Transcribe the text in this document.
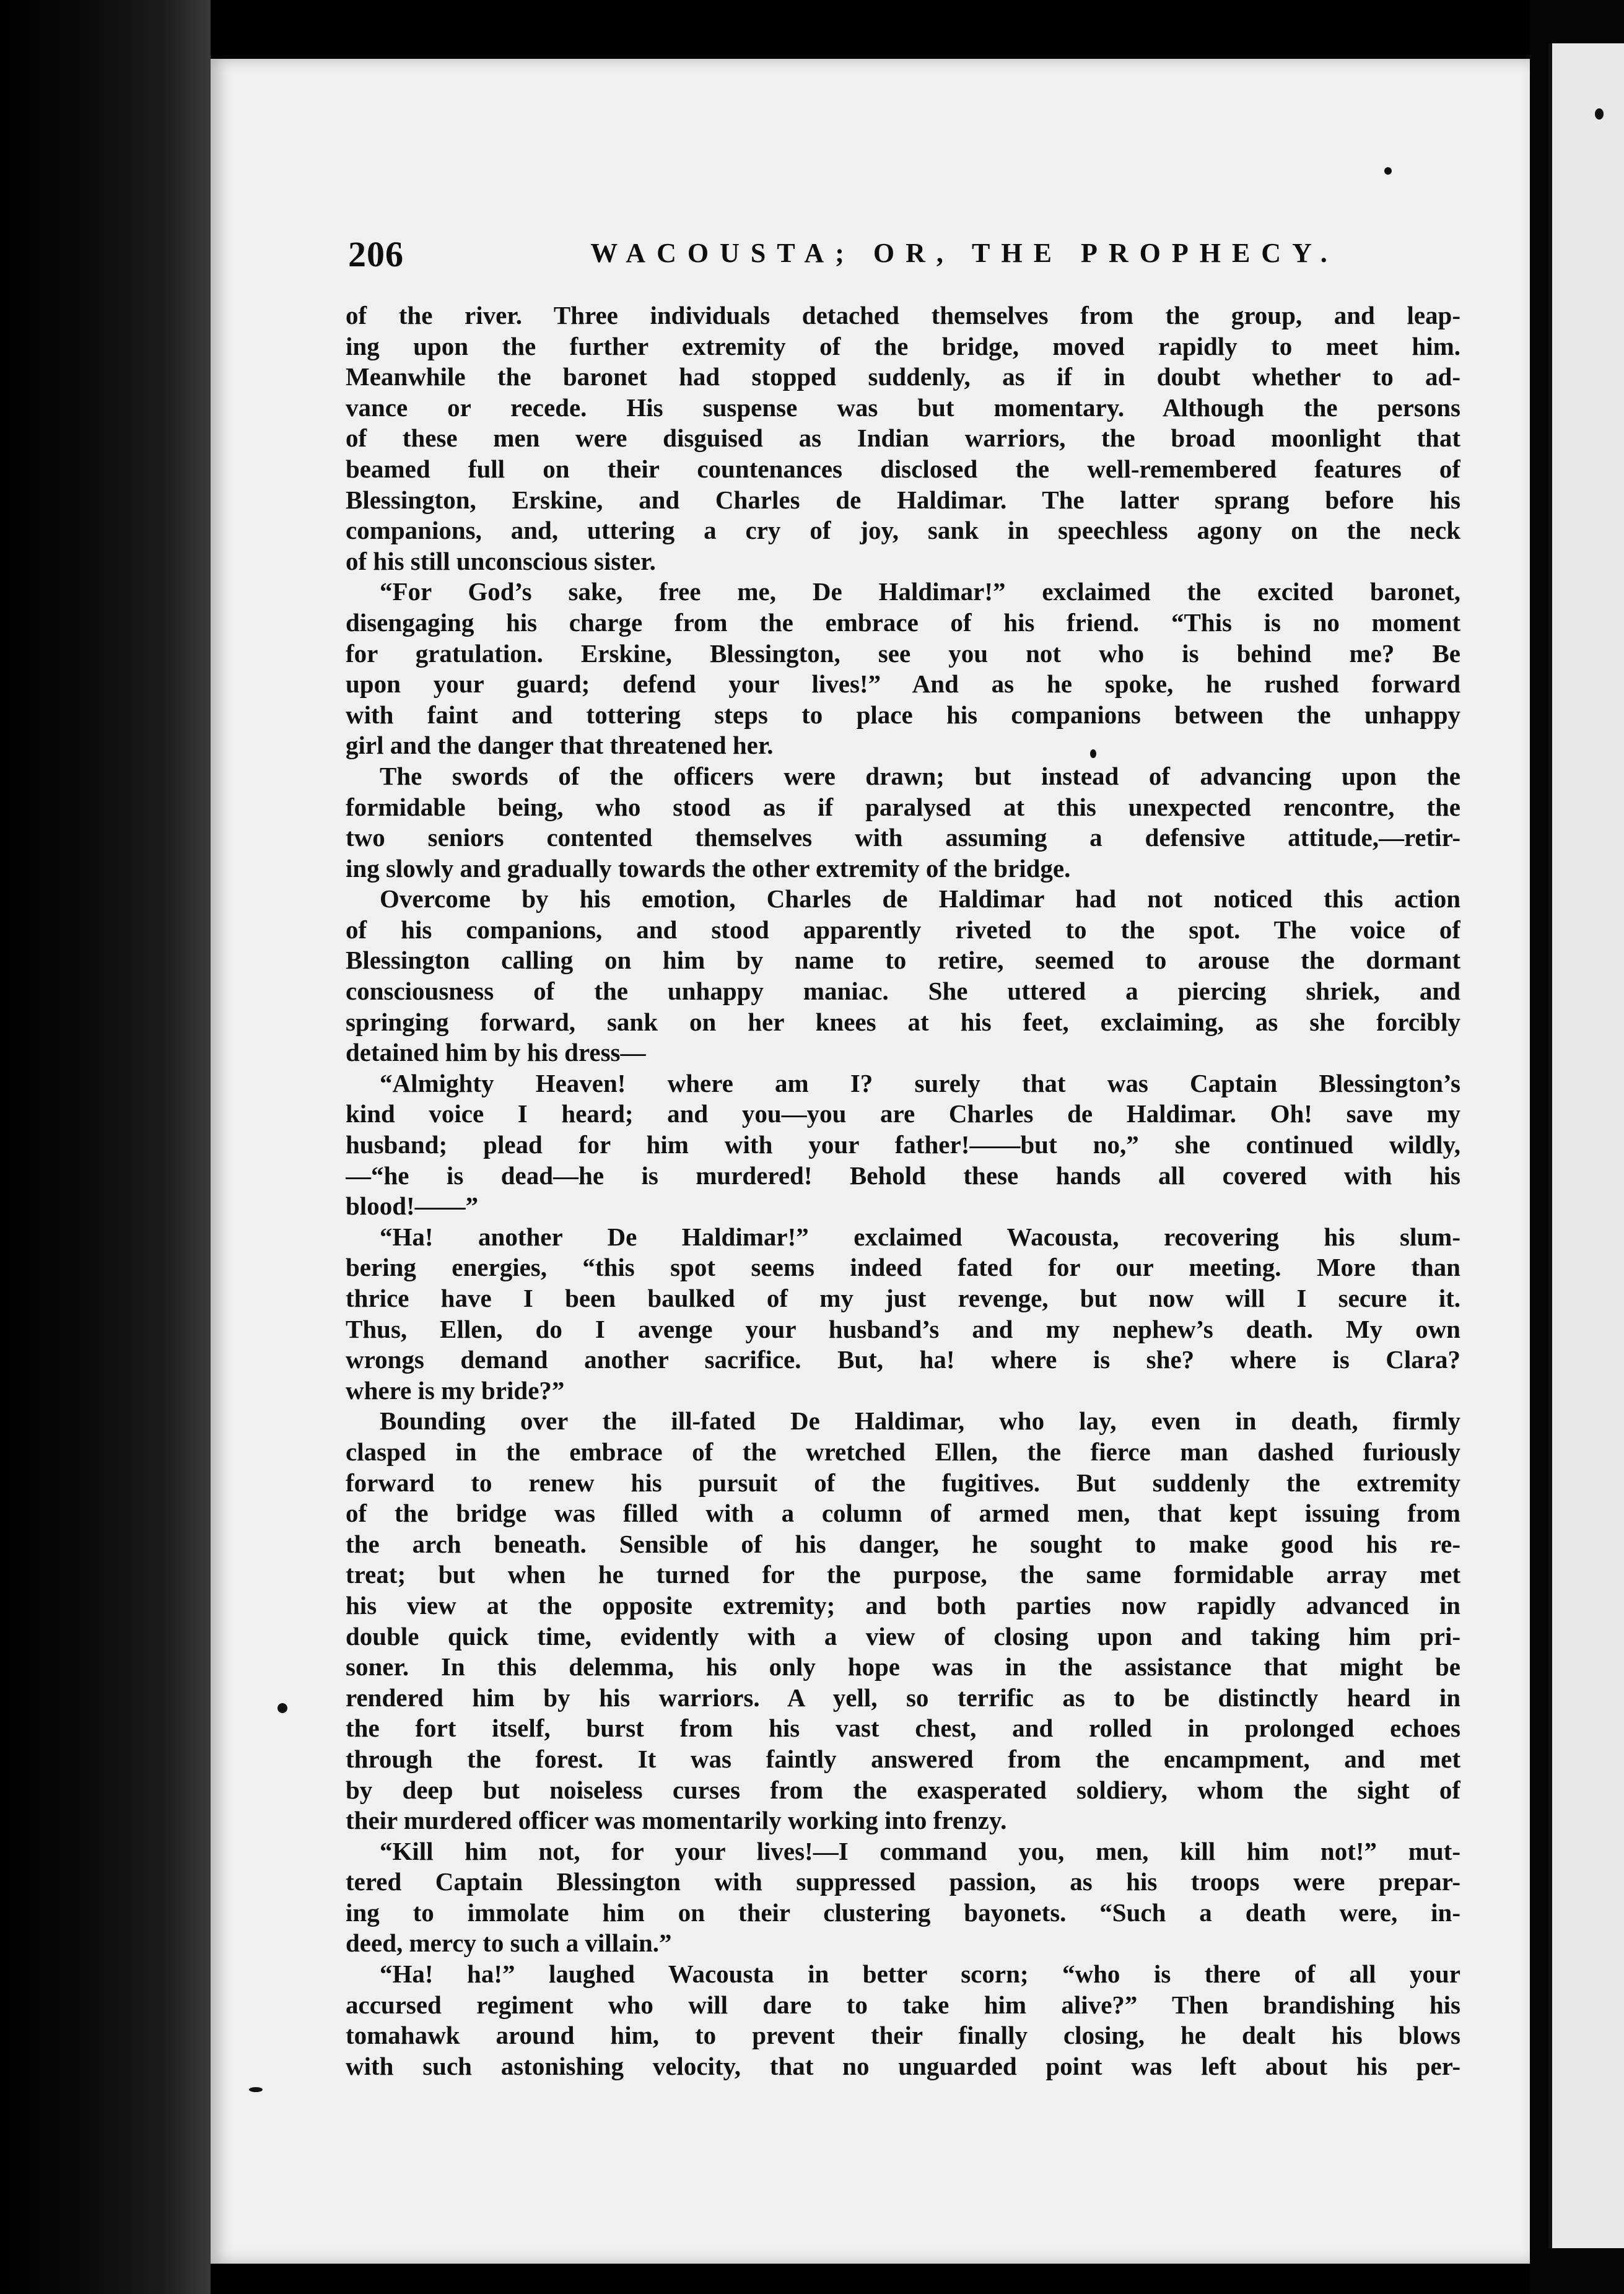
206	WACOUSTA; OR, THE PROPHECY.
of the river. Three individuals detached themselves from the group, and leap-
ing upon the further extremity of the bridge, moved rapidly to meet him.
Meanwhile the baronet had stopped suddenly, as if in doubt whether to ad-
vance or recede. His suspense was but momentary. Although the persons
of these men were disguised as Indian warriors, the broad moonlight that
beamed full on their countenances disclosed the well-remembered features of
Blessington, Erskine, and Charles de Haldimar. The latter sprang before his
companions, and, uttering a cry of joy, sank in speechless agony on the neck
of his still unconscious sister.
“For God’s sake, free me, De Haldimar!” exclaimed the excited baronet,
disengaging his charge from the embrace of his friend. “This is no moment
for gratulation. Erskine, Blessington, see you not who is behind me? Be
upon your guard; defend your lives!” And as he spoke, he rushed forward
with faint and tottering steps to place his companions between the unhappy
girl and the danger that threatened her.
The swords of the officers were drawn; but instead of advancing upon the
formidable being, who stood as if paralysed at this unexpected rencontre, the
two seniors contented themselves with assuming a defensive attitude,—retir-
ing slowly and gradually towards the other extremity of the bridge.
Overcome by his emotion, Charles de Haldimar had not noticed this action
of his companions, and stood apparently riveted to the spot. The voice of
Blessington calling on him by name to retire, seemed to arouse the dormant
consciousness of the unhappy maniac. She uttered a piercing shriek, and
springing forward, sank on her knees at his feet, exclaiming, as she forcibly
detained him by his dress—
“Almighty Heaven! where am I? surely that was Captain Blessington’s
kind voice I heard; and you—you are Charles de Haldimar. Oh! save my
husband; plead for him with your father!——but no,” she continued wildly,
—“he is dead—he is murdered! Behold these hands all covered with his
blood!——”
“Ha! another De Haldimar!” exclaimed Wacousta, recovering his slum-
bering energies, “this spot seems indeed fated for our meeting. More than
thrice have I been baulked of my just revenge, but now will I secure it.
Thus, Ellen, do I avenge your husband’s and my nephew’s death. My own
wrongs demand another sacrifice. But, ha! where is she? where is Clara?
where is my bride?”
Bounding over the ill-fated De Haldimar, who lay, even in death, firmly
clasped in the embrace of the wretched Ellen, the fierce man dashed furiously
forward to renew his pursuit of the fugitives. But suddenly the extremity
of the bridge was filled with a column of armed men, that kept issuing from
the arch beneath. Sensible of his danger, he sought to make good his re-
treat; but when he turned for the purpose, the same formidable array met
his view at the opposite extremity; and both parties now rapidly advanced in
double quick time, evidently with a view of closing upon and taking him pri-
soner. In this delemma, his only hope was in the assistance that might be
rendered him by his warriors. A yell, so terrific as to be distinctly heard in
the fort itself, burst from his vast chest, and rolled in prolonged echoes
through the forest. It was faintly answered from the encampment, and met
by deep but noiseless curses from the exasperated soldiery, whom the sight of
their murdered officer was momentarily working into frenzy.
“Kill him not, for your lives!—I command you, men, kill him not!” mut-
tered Captain Blessington with suppressed passion, as his troops were prepar-
ing to immolate him on their clustering bayonets. “Such a death were, in-
deed, mercy to such a villain.”
“Ha! ha!” laughed Wacousta in better scorn; “who is there of all your
accursed regiment who will dare to take him alive?” Then brandishing his
tomahawk around him, to prevent their finally closing, he dealt his blows
with such astonishing velocity, that no unguarded point was left about his per-
